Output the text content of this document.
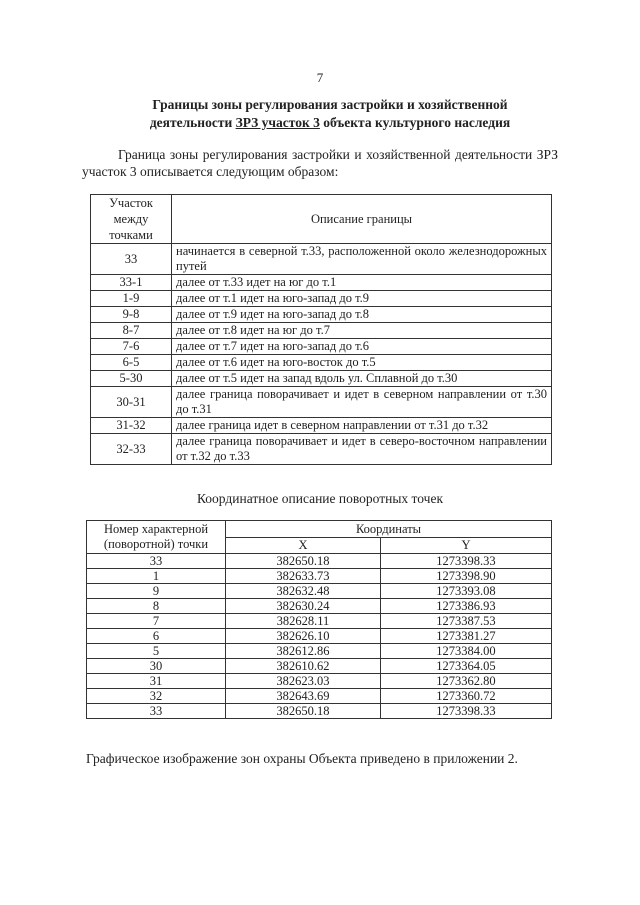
7
Границы зоны регулирования застройки и хозяйственной
деятельности ЗРЗ участок 3 объекта культурного наследия
Граница зоны регулирования застройки и хозяйственной деятельности ЗРЗ участок 3 описывается следующим образом:
Участок между точками	Описание границы
33	начинается в северной т.33, расположенной около железнодорожных путей
33-1	далее от т.33 идет на юг до т.1
1-9	далее от т.1 идет на юго-запад до т.9
9-8	далее от т.9 идет на юго-запад до т.8
8-7	далее от т.8 идет на юг до т.7
7-6	далее от т.7 идет на юго-запад до т.6
6-5	далее от т.6 идет на юго-восток до т.5
5-30	далее от т.5 идет на запад вдоль ул. Сплавной до т.30
30-31	далее граница поворачивает и идет в северном направлении от т.30 до т.31
31-32	далее граница идет в северном направлении от т.31 до т.32
32-33	далее граница поворачивает и идет в северо-восточном направлении от т.32 до т.33
Координатное описание поворотных точек
Номер характерной (поворотной) точки	Координаты	
	X	Y
33	382650.18	1273398.33
1	382633.73	1273398.90
9	382632.48	1273393.08
8	382630.24	1273386.93
7	382628.11	1273387.53
6	382626.10	1273381.27
5	382612.86	1273384.00
30	382610.62	1273364.05
31	382623.03	1273362.80
32	382643.69	1273360.72
33	382650.18	1273398.33
Графическое изображение зон охраны Объекта приведено в приложении 2.
